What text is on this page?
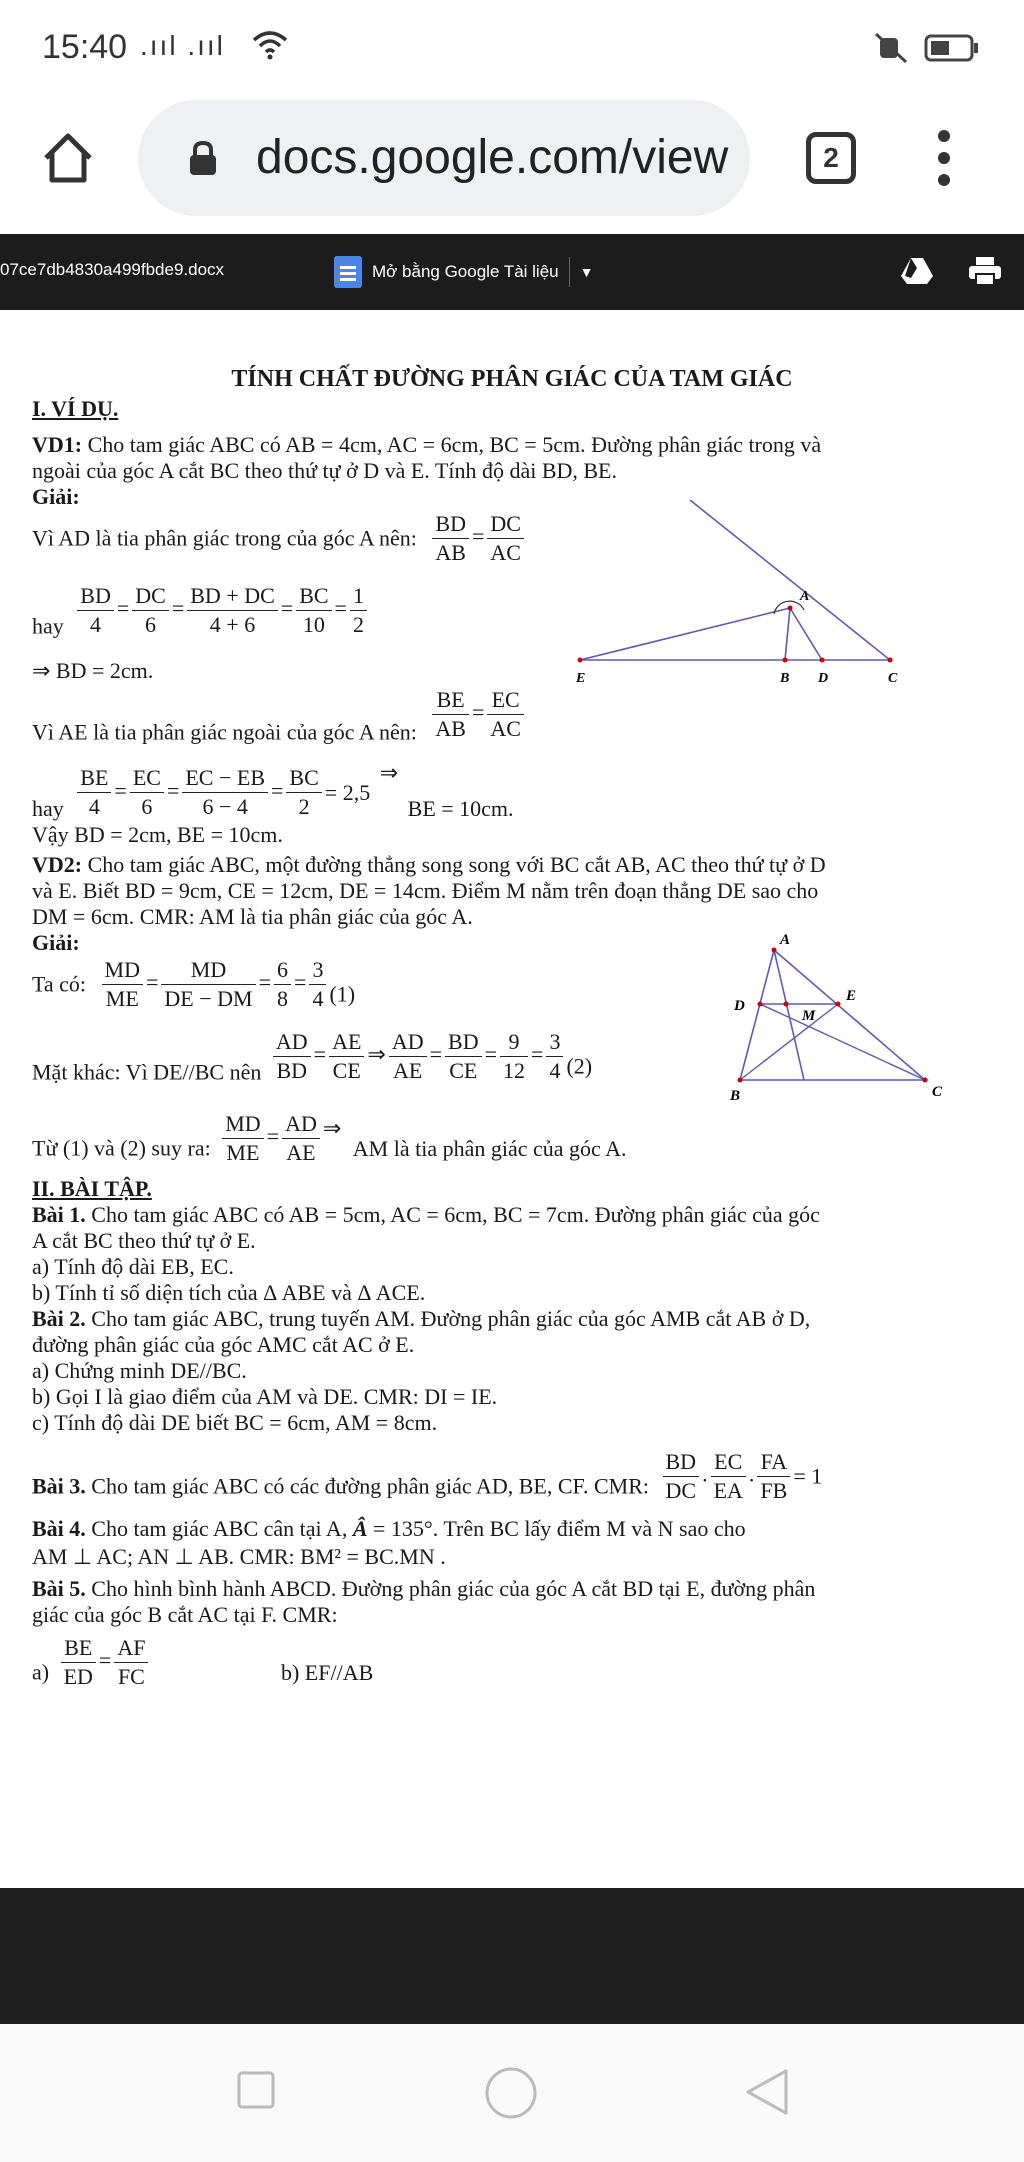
15:40 .ııl .ııl
docs.google.com/view	2
07ce7db4830a499fbde9.docx	Mở bằng Google Tài liệu ▼
TÍNH CHẤT ĐƯỜNG PHÂN GIÁC CỦA TAM GIÁC
I. VÍ DỤ.
VD1: Cho tam giác ABC có AB = 4cm, AC = 6cm, BC = 5cm. Đường phân giác trong và
ngoài của góc A cắt BC theo thứ tự ở D và E. Tính độ dài BD, BE.
Giải:
Vì AD là tia phân giác trong của góc A nên: $\frac{BD}{AB} = \frac{DC}{AC}$
hay $\frac{BD}{4} = \frac{DC}{6} = \frac{BD + DC}{4 + 6} = \frac{BC}{10} = \frac{1}{2}$
⇒ BD = 2cm.
Vì AE là tia phân giác ngoài của góc A nên: $\frac{BE}{AB} = \frac{EC}{AC}$
hay $\frac{BE}{4} = \frac{EC}{6} = \frac{EC - EB}{6 - 4} = \frac{BC}{2} = 2,5$ ⇒ BE = 10cm.
Vậy BD = 2cm, BE = 10cm.
VD2: Cho tam giác ABC, một đường thẳng song song với BC cắt AB, AC theo thứ tự ở D
và E. Biết BD = 9cm, CE = 12cm, DE = 14cm. Điểm M nằm trên đoạn thẳng DE sao cho
DM = 6cm. CMR: AM là tia phân giác của góc A.
Giải:
Ta có: $\frac{MD}{ME} = \frac{MD}{DE - DM} = \frac{6}{8} = \frac{3}{4} (1)$
Mặt khác: Vì DE//BC nên $\frac{AD}{BD} = \frac{AE}{CE}$ ⇒ $\frac{AD}{AE} = \frac{BD}{CE} = \frac{9}{12} = \frac{3}{4} (2)$
Từ (1) và (2) suy ra: $\frac{MD}{ME} = \frac{AD}{AE}$ ⇒ AM là tia phân giác của góc A.
II. BÀI TẬP.
Bài 1. Cho tam giác ABC có AB = 5cm, AC = 6cm, BC = 7cm. Đường phân giác của góc
A cắt BC theo thứ tự ở E.
a) Tính độ dài EB, EC.
b) Tính tỉ số diện tích của Δ ABE và Δ ACE.
Bài 2. Cho tam giác ABC, trung tuyến AM. Đường phân giác của góc AMB cắt AB ở D,
đường phân giác của góc AMC cắt AC ở E.
a) Chứng minh DE//BC.
b) Gọi I là giao điểm của AM và DE. CMR: DI = IE.
c) Tính độ dài DE biết BC = 6cm, AM = 8cm.
Bài 3. Cho tam giác ABC có các đường phân giác AD, BE, CF. CMR: $\frac{BD}{DC}$ . $\frac{EC}{EA}$ . $\frac{FA}{FB} = 1$
Bài 4. Cho tam giác ABC cân tại A, Â = 135°. Trên BC lấy điểm M và N sao cho
AM ⊥ AC; AN ⊥ AB. CMR: BM² = BC.MN .
Bài 5. Cho hình bình hành ABCD. Đường phân giác của góc A cắt BD tại E, đường phân
giác của góc B cắt AC tại F. CMR:
$a) \frac{BE}{ED} = \frac{AF}{FC}$	b) EF//AB
A
E	B D	C
A
D
E
M
B	C
